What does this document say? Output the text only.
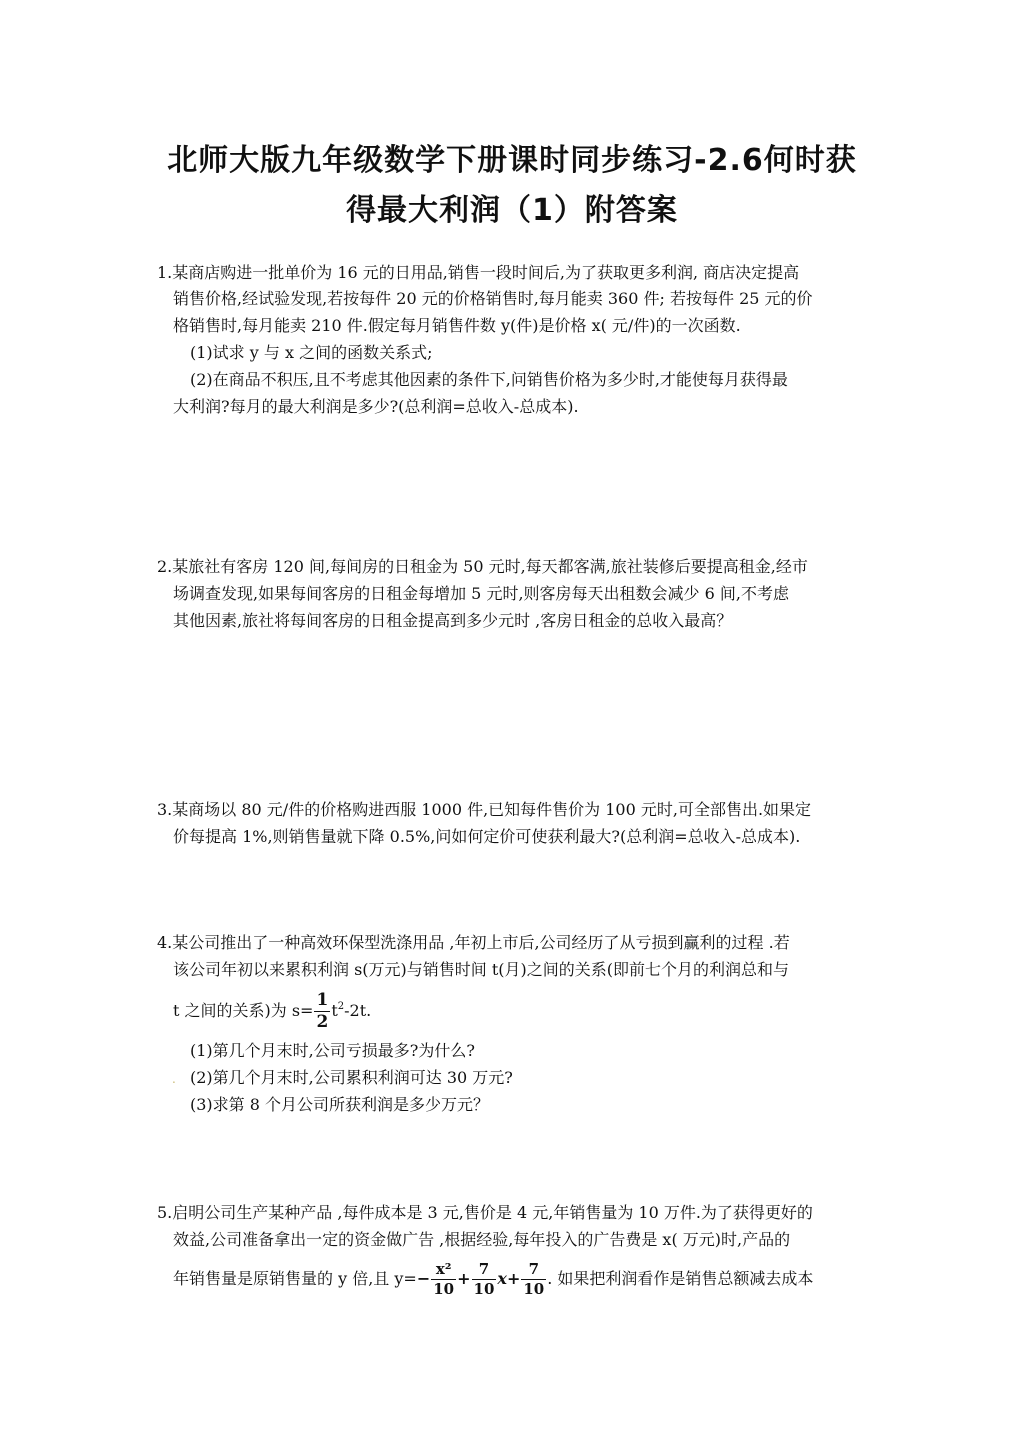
北师大版九年级数学下册课时同步练习-2.6何时获
得最大利润（1）附答案
1.某商店购进一批单价为 16 元的日用品,销售一段时间后,为了获取更多利润, 商店决定提高
销售价格,经试验发现,若按每件 20 元的价格销售时,每月能卖 360 件; 若按每件 25 元的价
格销售时,每月能卖 210 件.假定每月销售件数 y(件)是价格 x( 元/件)的一次函数.
(1)试求 y 与 x 之间的函数关系式;
(2)在商品不积压,且不考虑其他因素的条件下,问销售价格为多少时,才能使每月获得最
大利润?每月的最大利润是多少?(总利润=总收入-总成本).
2.某旅社有客房 120 间,每间房的日租金为 50 元时,每天都客满,旅社装修后要提高租金,经市
场调查发现,如果每间客房的日租金每增加 5 元时,则客房每天出租数会减少 6 间,不考虑
其他因素,旅社将每间客房的日租金提高到多少元时 ,客房日租金的总收入最高？
3.某商场以 80 元/件的价格购进西服 1000 件,已知每件售价为 100 元时,可全部售出.如果定
价每提高 1%,则销售量就下降 0.5%,问如何定价可使获利最大?(总利润=总收入-总成本).
4.某公司推出了一种高效环保型洗涤用品 ,年初上市后,公司经历了从亏损到赢利的过程 .若
该公司年初以来累积利润 s(万元)与销售时间 t(月)之间的关系(即前七个月的利润总和与
t 之间的关系)为 $s= \frac{1}{2} t^2-2t$.
(1)第几个月末时,公司亏损最多?为什么?
. (2)第几个月末时,公司累积利润可达 30 万元?
(3)求第 8 个月公司所获利润是多少万元？
5.启明公司生产某种产品 ,每件成本是 3 元,售价是 4 元,年销售量为 10 万件.为了获得更好的
效益,公司准备拿出一定的资金做广告 ,根据经验,每年投入的广告费是 x( 万元)时,产品的
年销售量是原销售量的 y 倍,且 $y=- \frac{\text{x²}}{10} + \frac{7}{10} x+ \frac{7}{10}$ . 如果把利润看作是销售总额减去成本
